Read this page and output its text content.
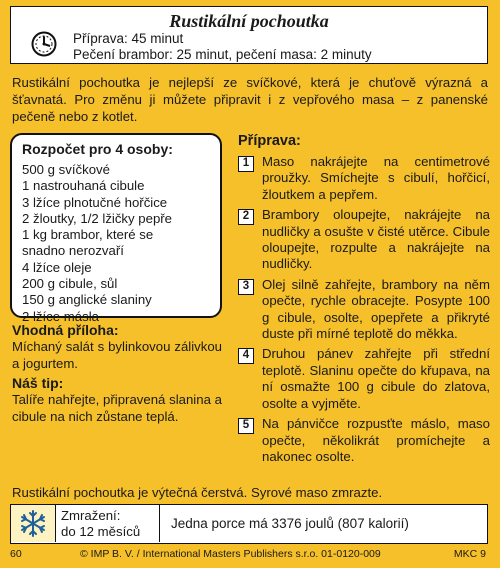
Rustikální pochoutka
Příprava: 45 minut
Pečení brambor: 25 minut, pečení masa: 2 minuty
Rustikální pochoutka je nejlepší ze svíčkové, která je chuťově výrazná a šťavnatá. Pro změnu ji můžete připravit i z vepřového masa – z panenské pečeně nebo z kotlet.
Rozpočet pro 4 osoby:
500 g svíčkové
1 nastrouhaná cibule
3 lžíce plnotučné hořčice
2 žloutky, 1/2 lžičky pepře
1 kg brambor, které se
snadno nerozvaří
4 lžíce oleje
200 g cibule, sůl
150 g anglické slaniny
2 lžíce másla
Vhodná příloha:

Míchaný salát s bylinkovou zálivkou a jogurtem.

Náš tip:

Talíře nahřejte, připravená slanina a cibule na nich zůstane teplá.

Příprava:
1 Maso nakrájejte na centimetrové proužky. Smíchejte s cibulí, hořčicí, žloutkem a pepřem.
2 Brambory oloupejte, nakrájejte na nudličky a osušte v čisté utěrce. Cibule oloupejte, rozpulte a nakrájejte na nudličky.
3 Olej silně zahřejte, brambory na něm opečte, rychle obracejte. Posypte 100 g cibule, osolte, opepřete a přikryté duste při mírné teplotě do měkka.
4 Druhou pánev zahřejte při střední teplotě. Slaninu opečte do křupava, na ní osmažte 100 g cibule do zlatova, osolte a vyjměte.
5 Na pánvičce rozpusťte máslo, maso opečte, několikrát promíchejte a nakonec osolte.
Rustikální pochoutka je výtečná čerstvá. Syrové maso zmrazte.
Zmražení:
do 12 měsíců
Jedna porce má 3376 joulů (807 kalorií)
60	© IMP B. V. / International Masters Publishers s.r.o. 01-0120-009	MKC 9
